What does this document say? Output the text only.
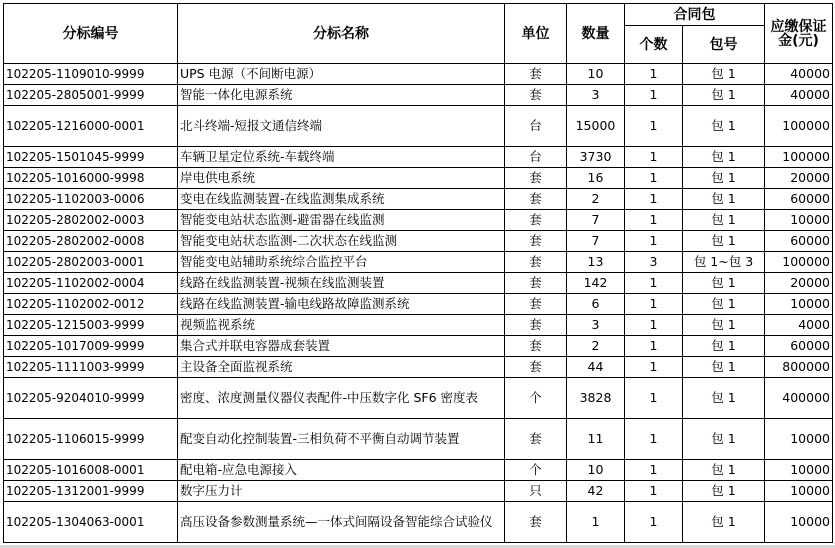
分标编号	分标名称	单位	数量	合同包		应缴保证金(元)
				个数	包号	
102205-1109010-9999	UPS 电源（不间断电源）	套	10	1	包 1	40000
102205-2805001-9999	智能一体化电源系统	套	3	1	包 1	40000
102205-1216000-0001	北斗终端-短报文通信终端	台	15000	1	包 1	100000
102205-1501045-9999	车辆卫星定位系统-车载终端	台	3730	1	包 1	100000
102205-1016000-9998	岸电供电系统	套	16	1	包 1	20000
102205-1102003-0006	变电在线监测装置-在线监测集成系统	套	2	1	包 1	60000
102205-2802002-0003	智能变电站状态监测-避雷器在线监测	套	7	1	包 1	10000
102205-2802002-0008	智能变电站状态监测-二次状态在线监测	套	7	1	包 1	60000
102205-2802003-0001	智能变电站辅助系统综合监控平台	套	13	3	包 1~包 3	100000
102205-1102002-0004	线路在线监测装置-视频在线监测装置	套	142	1	包 1	20000
102205-1102002-0012	线路在线监测装置-输电线路故障监测系统	套	6	1	包 1	10000
102205-1215003-9999	视频监视系统	套	3	1	包 1	4000
102205-1017009-9999	集合式并联电容器成套装置	套	2	1	包 1	60000
102205-1111003-9999	主设备全面监视系统	套	44	1	包 1	800000
102205-9204010-9999	密度、浓度测量仪器仪表配件-中压数字化 SF6 密度表	个	3828	1	包 1	400000
102205-1106015-9999	配变自动化控制装置-三相负荷不平衡自动调节装置	套	11	1	包 1	10000
102205-1016008-0001	配电箱-应急电源接入	个	10	1	包 1	10000
102205-1312001-9999	数字压力计	只	42	1	包 1	10000
102205-1304063-0001	高压设备参数测量系统—一体式间隔设备智能综合试验仪	套	1	1	包 1	10000
